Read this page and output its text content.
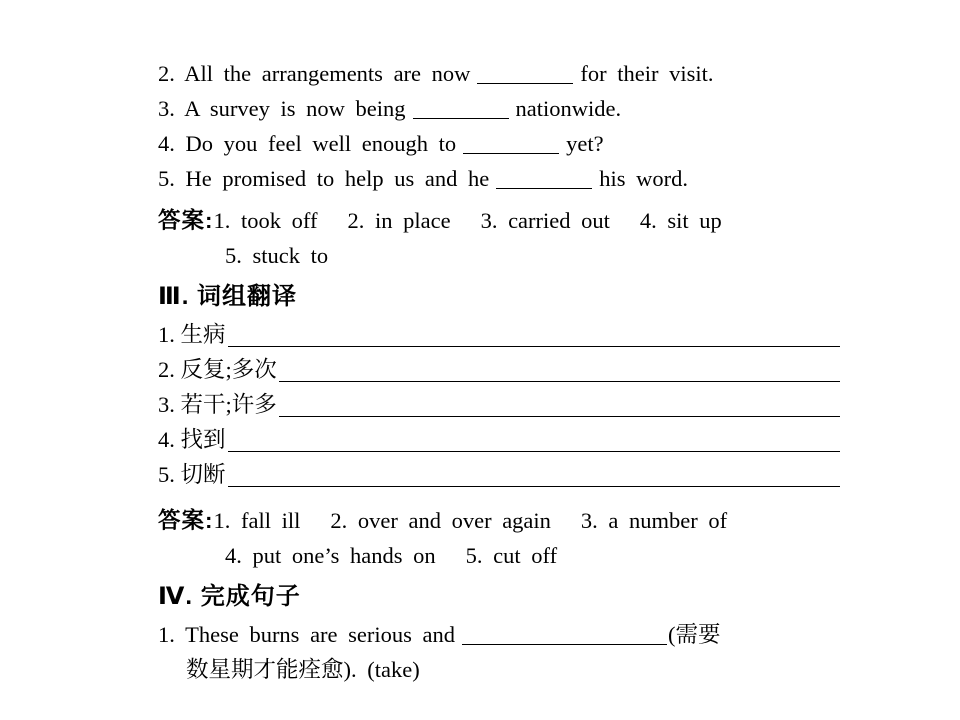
2. All the arrangements are now	for their visit.

3. A survey is now being	nationwide.

4. Do you feel well enough to	yet?

5. He promised to help us and he	his word.

答案:1. took off 2. in place 3. carried out 4. sit up

5. stuck to

Ⅲ. 词组翻译

1. 生病
2. 反复;多次
3. 若干;许多
4. 找到
5. 切断

答案:1. fall ill 2. over and over again 3. a number of

4. put one’s hands on 5. cut off

Ⅳ. 完成句子

1. These burns are serious and	(需要

数星期才能痊愈). (take)
